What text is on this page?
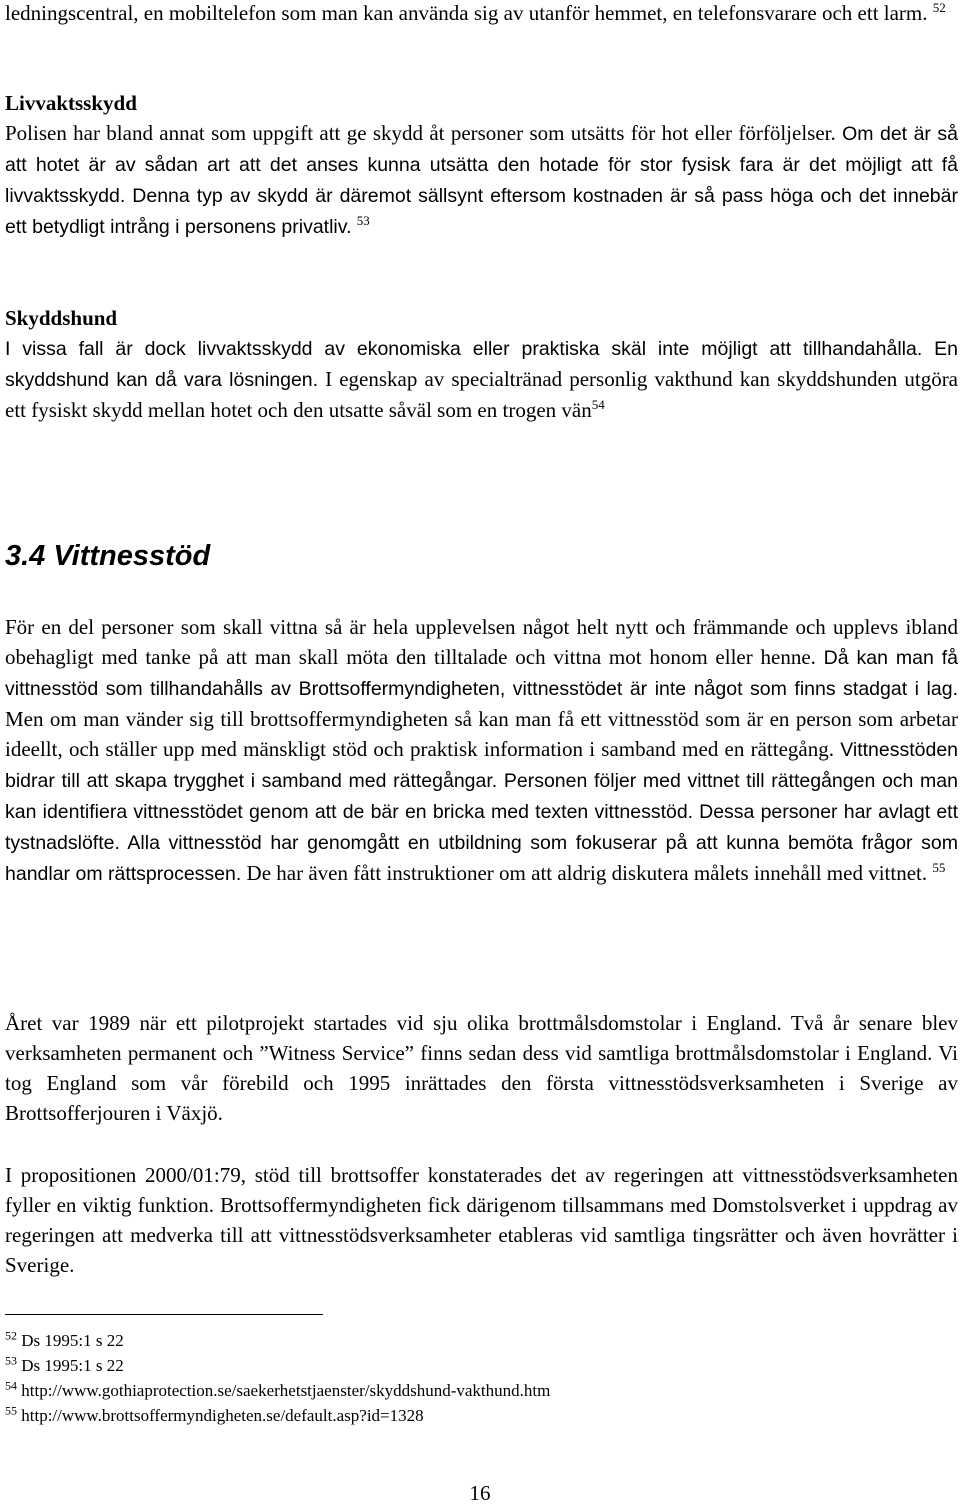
ledningscentral, en mobiltelefon som man kan använda sig av utanför hemmet, en telefonsvarare och ett larm. $^{52}$

Livvaktsskydd
Polisen har bland annat som uppgift att ge skydd åt personer som utsätts för hot eller förföljelser. Om det är så att hotet är av sådan art att det anses kunna utsätta den hotade för stor fysisk fara är det möjligt att få livvaktsskydd. Denna typ av skydd är däremot sällsynt eftersom kostnaden är så pass höga och det innebär ett betydligt intrång i personens privatliv. $^{53}$

Skyddshund
I vissa fall är dock livvaktsskydd av ekonomiska eller praktiska skäl inte möjligt att tillhandahålla. En skyddshund kan då vara lösningen. I egenskap av specialtränad personlig vakthund kan skyddshunden utgöra ett fysiskt skydd mellan hotet och den utsatte såväl som en trogen vän$^{54}$

3.4 Vittnesstöd

För en del personer som skall vittna så är hela upplevelsen något helt nytt och främmande och upplevs ibland obehagligt med tanke på att man skall möta den tilltalade och vittna mot honom eller henne. Då kan man få vittnesstöd som tillhandahålls av Brottsoffermyndigheten, vittnesstödet är inte något som finns stadgat i lag. Men om man vänder sig till brottsoffermyndigheten så kan man få ett vittnesstöd som är en person som arbetar ideellt, och ställer upp med mänskligt stöd och praktisk information i samband med en rättegång. Vittnesstöden bidrar till att skapa trygghet i samband med rättegångar. Personen följer med vittnet till rättegången och man kan identifiera vittnesstödet genom att de bär en bricka med texten vittnesstöd. Dessa personer har avlagt ett tystnadslöfte. Alla vittnesstöd har genomgått en utbildning som fokuserar på att kunna bemöta frågor som handlar om rättsprocessen. De har även fått instruktioner om att aldrig diskutera målets innehåll med vittnet. $^{55}$

Året var 1989 när ett pilotprojekt startades vid sju olika brottmålsdomstolar i England. Två år senare blev verksamheten permanent och ”Witness Service” finns sedan dess vid samtliga brottmålsdomstolar i England. Vi tog England som vår förebild och 1995 inrättades den första vittnesstödsverksamheten i Sverige av Brottsofferjouren i Växjö.

I propositionen 2000/01:79, stöd till brottsoffer konstaterades det av regeringen att vittnesstödsverksamheten fyller en viktig funktion. Brottsoffermyndigheten fick därigenom tillsammans med Domstolsverket i uppdrag av regeringen att medverka till att vittnesstödsverksamheter etableras vid samtliga tingsrätter och även hovrätter i Sverige.

$^{52}$ Ds 1995:1 s 22

$^{53}$ Ds 1995:1 s 22

$^{54}$ http://www.gothiaprotection.se/saekerhetstjaenster/skyddshund-vakthund.htm

$^{55}$ http://www.brottsoffermyndigheten.se/default.asp?id=1328

16
